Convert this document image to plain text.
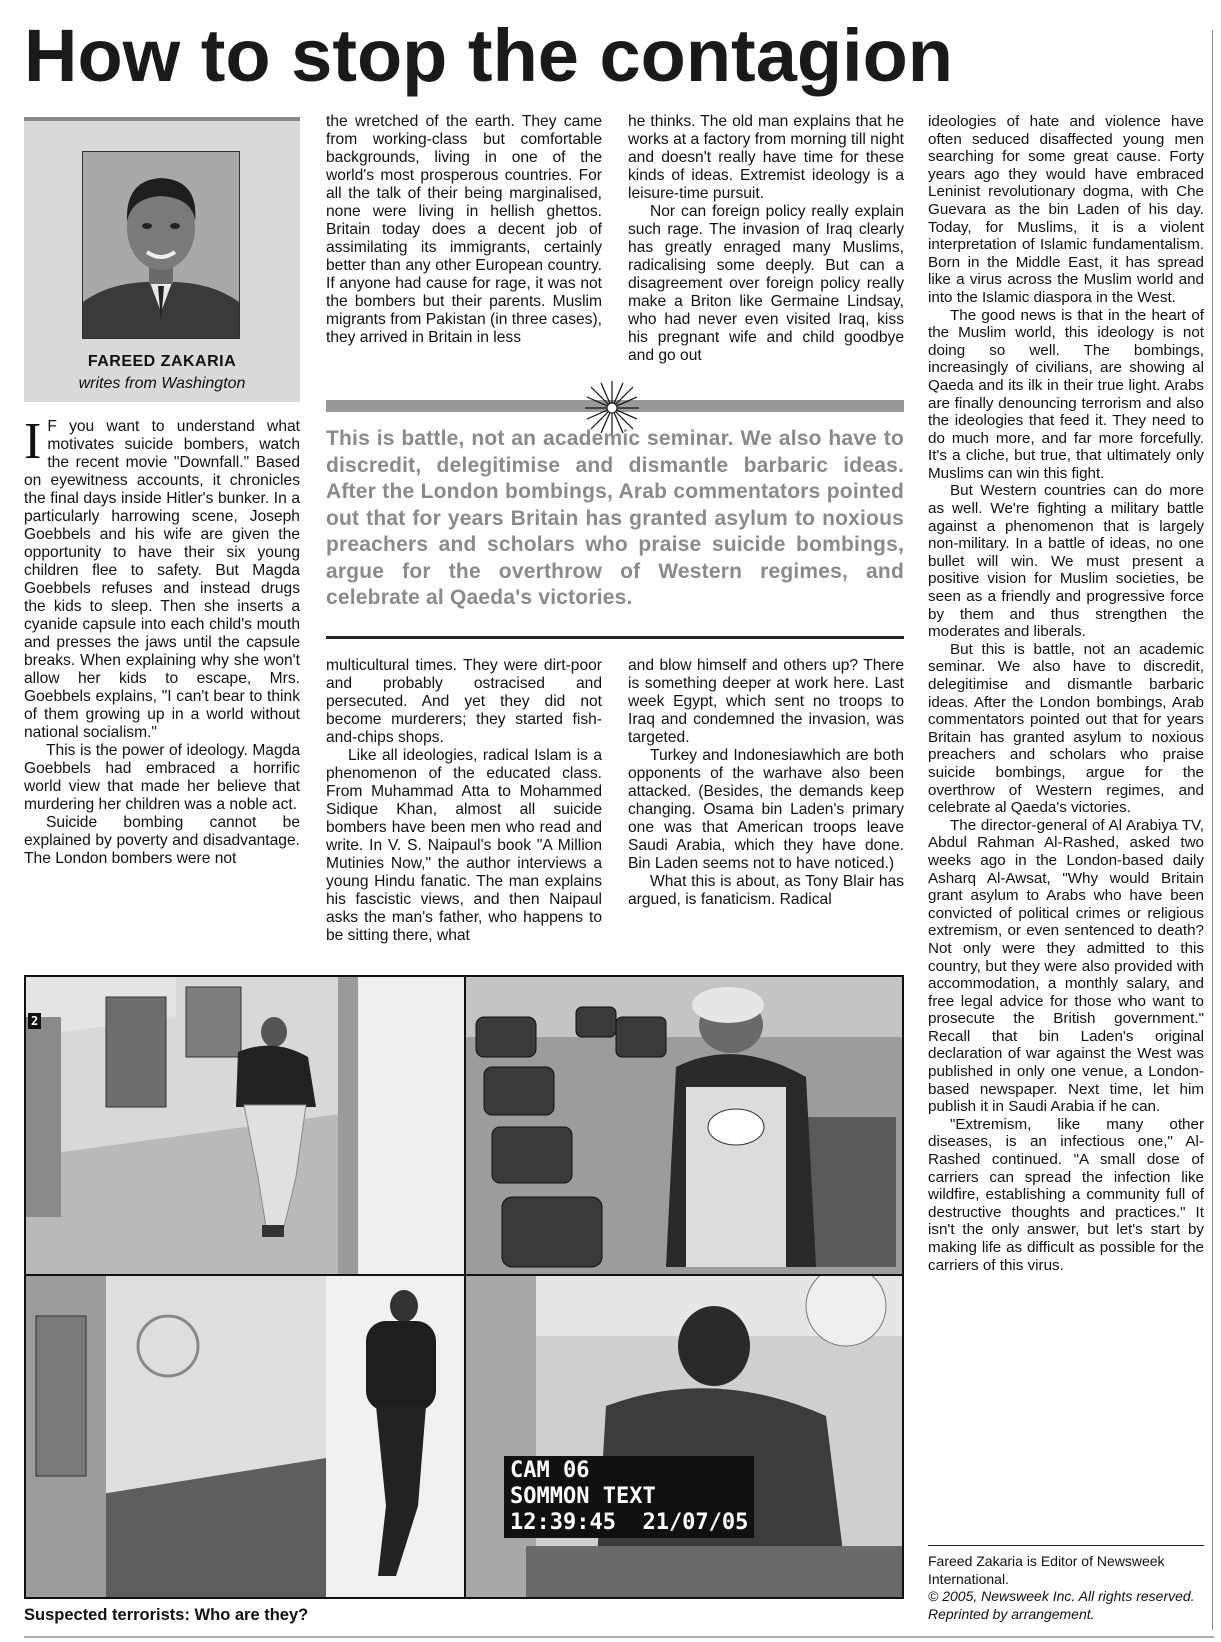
How to stop the contagion
FAREED ZAKARIA
writes from Washington

I F you want to understand what motivates suicide bombers, watch the recent movie "Downfall." Based on eyewitness accounts, it chronicles the final days inside Hitler's bunker. In a particularly harrowing scene, Joseph Goebbels and his wife are given the opportunity to have their six young children flee to safety. But Magda Goebbels refuses and instead drugs the kids to sleep. Then she inserts a cyanide capsule into each child's mouth and presses the jaws until the capsule breaks. When explaining why she won't allow her kids to escape, Mrs. Goebbels explains, "I can't bear to think of them growing up in a world without national socialism."

This is the power of ideology. Magda Goebbels had embraced a horrific world view that made her believe that murdering her children was a noble act.

Suicide bombing cannot be explained by poverty and disadvantage. The London bombers were not

the wretched of the earth. They came from working-class but comfortable backgrounds, living in one of the world's most prosperous countries. For all the talk of their being marginalised, none were living in hellish ghettos. Britain today does a decent job of assimilating its immigrants, certainly better than any other European country. If anyone had cause for rage, it was not the bombers but their parents. Muslim migrants from Pakistan (in three cases), they arrived in Britain in less

he thinks. The old man explains that he works at a factory from morning till night and doesn't really have time for these kinds of ideas. Extremist ideology is a leisure-time pursuit.

Nor can foreign policy really explain such rage. The invasion of Iraq clearly has greatly enraged many Muslims, radicalising some deeply. But can a disagreement over foreign policy really make a Briton like Germaine Lindsay, who had never even visited Iraq, kiss his pregnant wife and child goodbye and go out

This is battle, not an academic seminar. We also have to discredit, delegitimise and dismantle barbaric ideas. After the London bombings, Arab commentators pointed out that for years Britain has granted asylum to noxious preachers and scholars who praise suicide bombings, argue for the overthrow of Western regimes, and celebrate al Qaeda's victories.

multicultural times. They were dirt-poor and probably ostracised and persecuted. And yet they did not become murderers; they started fish-and-chips shops.

Like all ideologies, radical Islam is a phenomenon of the educated class. From Muhammad Atta to Mohammed Sidique Khan, almost all suicide bombers have been men who read and write. In V. S. Naipaul's book "A Million Mutinies Now," the author interviews a young Hindu fanatic. The man explains his fascistic views, and then Naipaul asks the man's father, who happens to be sitting there, what

and blow himself and others up? There is something deeper at work here. Last week Egypt, which sent no troops to Iraq and condemned the invasion, was targeted.

Turkey and Indonesiawhich are both opponents of the warhave also been attacked. (Besides, the demands keep changing. Osama bin Laden's primary one was that American troops leave Saudi Arabia, which they have done. Bin Laden seems not to have noticed.)

What this is about, as Tony Blair has argued, is fanaticism. Radical

ideologies of hate and violence have often seduced disaffected young men searching for some great cause. Forty years ago they would have embraced Leninist revolutionary dogma, with Che Guevara as the bin Laden of his day. Today, for Muslims, it is a violent interpretation of Islamic fundamentalism. Born in the Middle East, it has spread like a virus across the Muslim world and into the Islamic diaspora in the West.

The good news is that in the heart of the Muslim world, this ideology is not doing so well. The bombings, increasingly of civilians, are showing al Qaeda and its ilk in their true light. Arabs are finally denouncing terrorism and also the ideologies that feed it. They need to do much more, and far more forcefully. It's a cliche, but true, that ultimately only Muslims can win this fight.

But Western countries can do more as well. We're fighting a military battle against a phenomenon that is largely non-military. In a battle of ideas, no one bullet will win. We must present a positive vision for Muslim societies, be seen as a friendly and progressive force by them and thus strengthen the moderates and liberals.

But this is battle, not an academic seminar. We also have to discredit, delegitimise and dismantle barbaric ideas. After the London bombings, Arab commentators pointed out that for years Britain has granted asylum to noxious preachers and scholars who praise suicide bombings, argue for the overthrow of Western regimes, and celebrate al Qaeda's victories.

The director-general of Al Arabiya TV, Abdul Rahman Al-Rashed, asked two weeks ago in the London-based daily Asharq Al-Awsat, "Why would Britain grant asylum to Arabs who have been convicted of political crimes or religious extremism, or even sentenced to death? Not only were they admitted to this country, but they were also provided with accommodation, a monthly salary, and free legal advice for those who want to prosecute the British government." Recall that bin Laden's original declaration of war against the West was published in only one venue, a London-based newspaper. Next time, let him publish it in Saudi Arabia if he can.

"Extremism, like many other diseases, is an infectious one," Al-Rashed continued. "A small dose of carriers can spread the infection like wildfire, establishing a community full of destructive thoughts and practices." It isn't the only answer, but let's start by making life as difficult as possible for the carriers of this virus.

2
CAM 06
SOMMON TEXT
12:39:45  21/07/05
Suspected terrorists: Who are they?
Fareed Zakaria is Editor of Newsweek International.
© 2005, Newsweek Inc. All rights reserved.
Reprinted by arrangement.
